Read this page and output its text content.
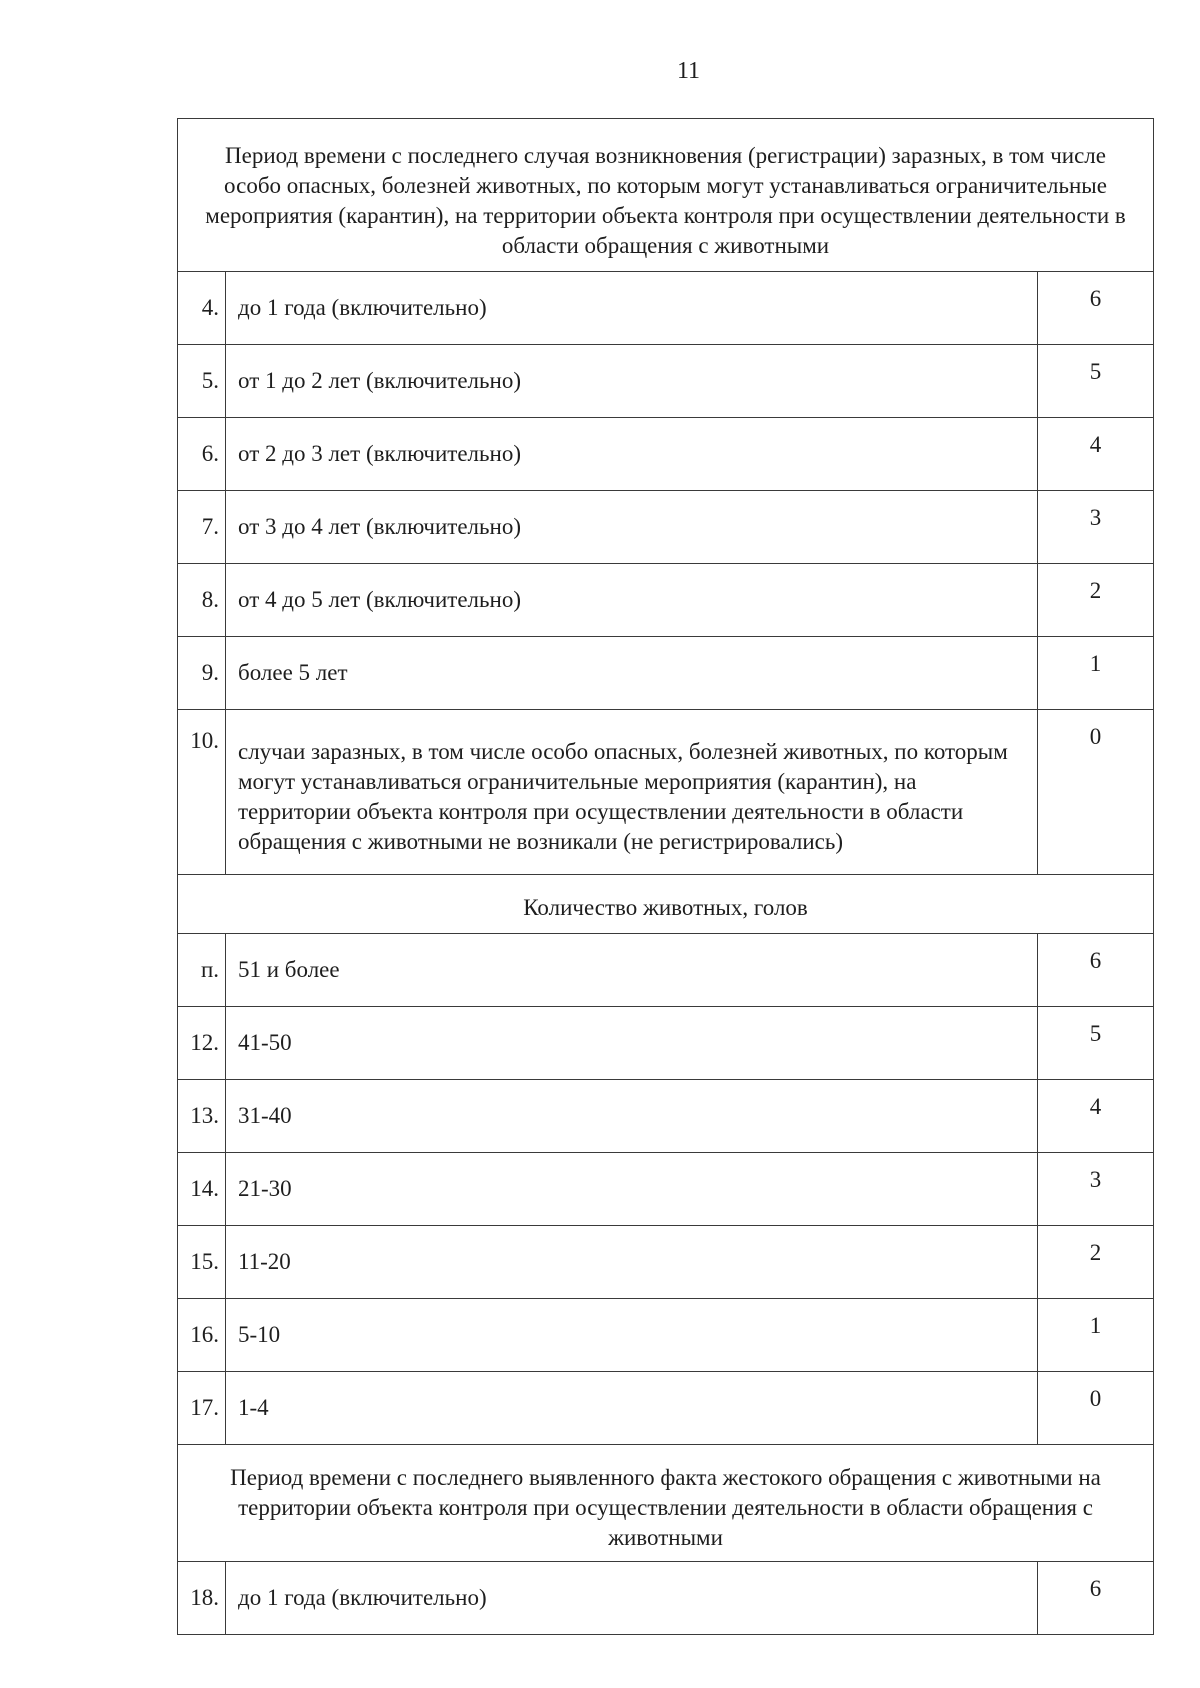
11
Период времени с последнего случая возникновения (регистрации) заразных, в том числе особо опасных, болезней животных, по которым могут устанавливаться ограничительные мероприятия (карантин), на территории объекта контроля при осуществлении деятельности в области обращения с животными		
4.	до 1 года (включительно)	6
5.	от 1 до 2 лет (включительно)	5
6.	от 2 до 3 лет (включительно)	4
7.	от 3 до 4 лет (включительно)	3
8.	от 4 до 5 лет (включительно)	2
9.	более 5 лет	1
10.	случаи заразных, в том числе особо опасных, болезней животных, по которым могут устанавливаться ограничительные мероприятия (карантин), на территории объекта контроля при осуществлении деятельности в области обращения с животными не возникали (не регистрировались)	0
Количество животных, голов		
п.	51 и более	6
12.	41-50	5
13.	31-40	4
14.	21-30	3
15.	11-20	2
16.	5-10	1
17.	1-4	0
Период времени с последнего выявленного факта жестокого обращения с животными на территории объекта контроля при осуществлении деятельности в области обращения с животными		
18.	до 1 года (включительно)	6
